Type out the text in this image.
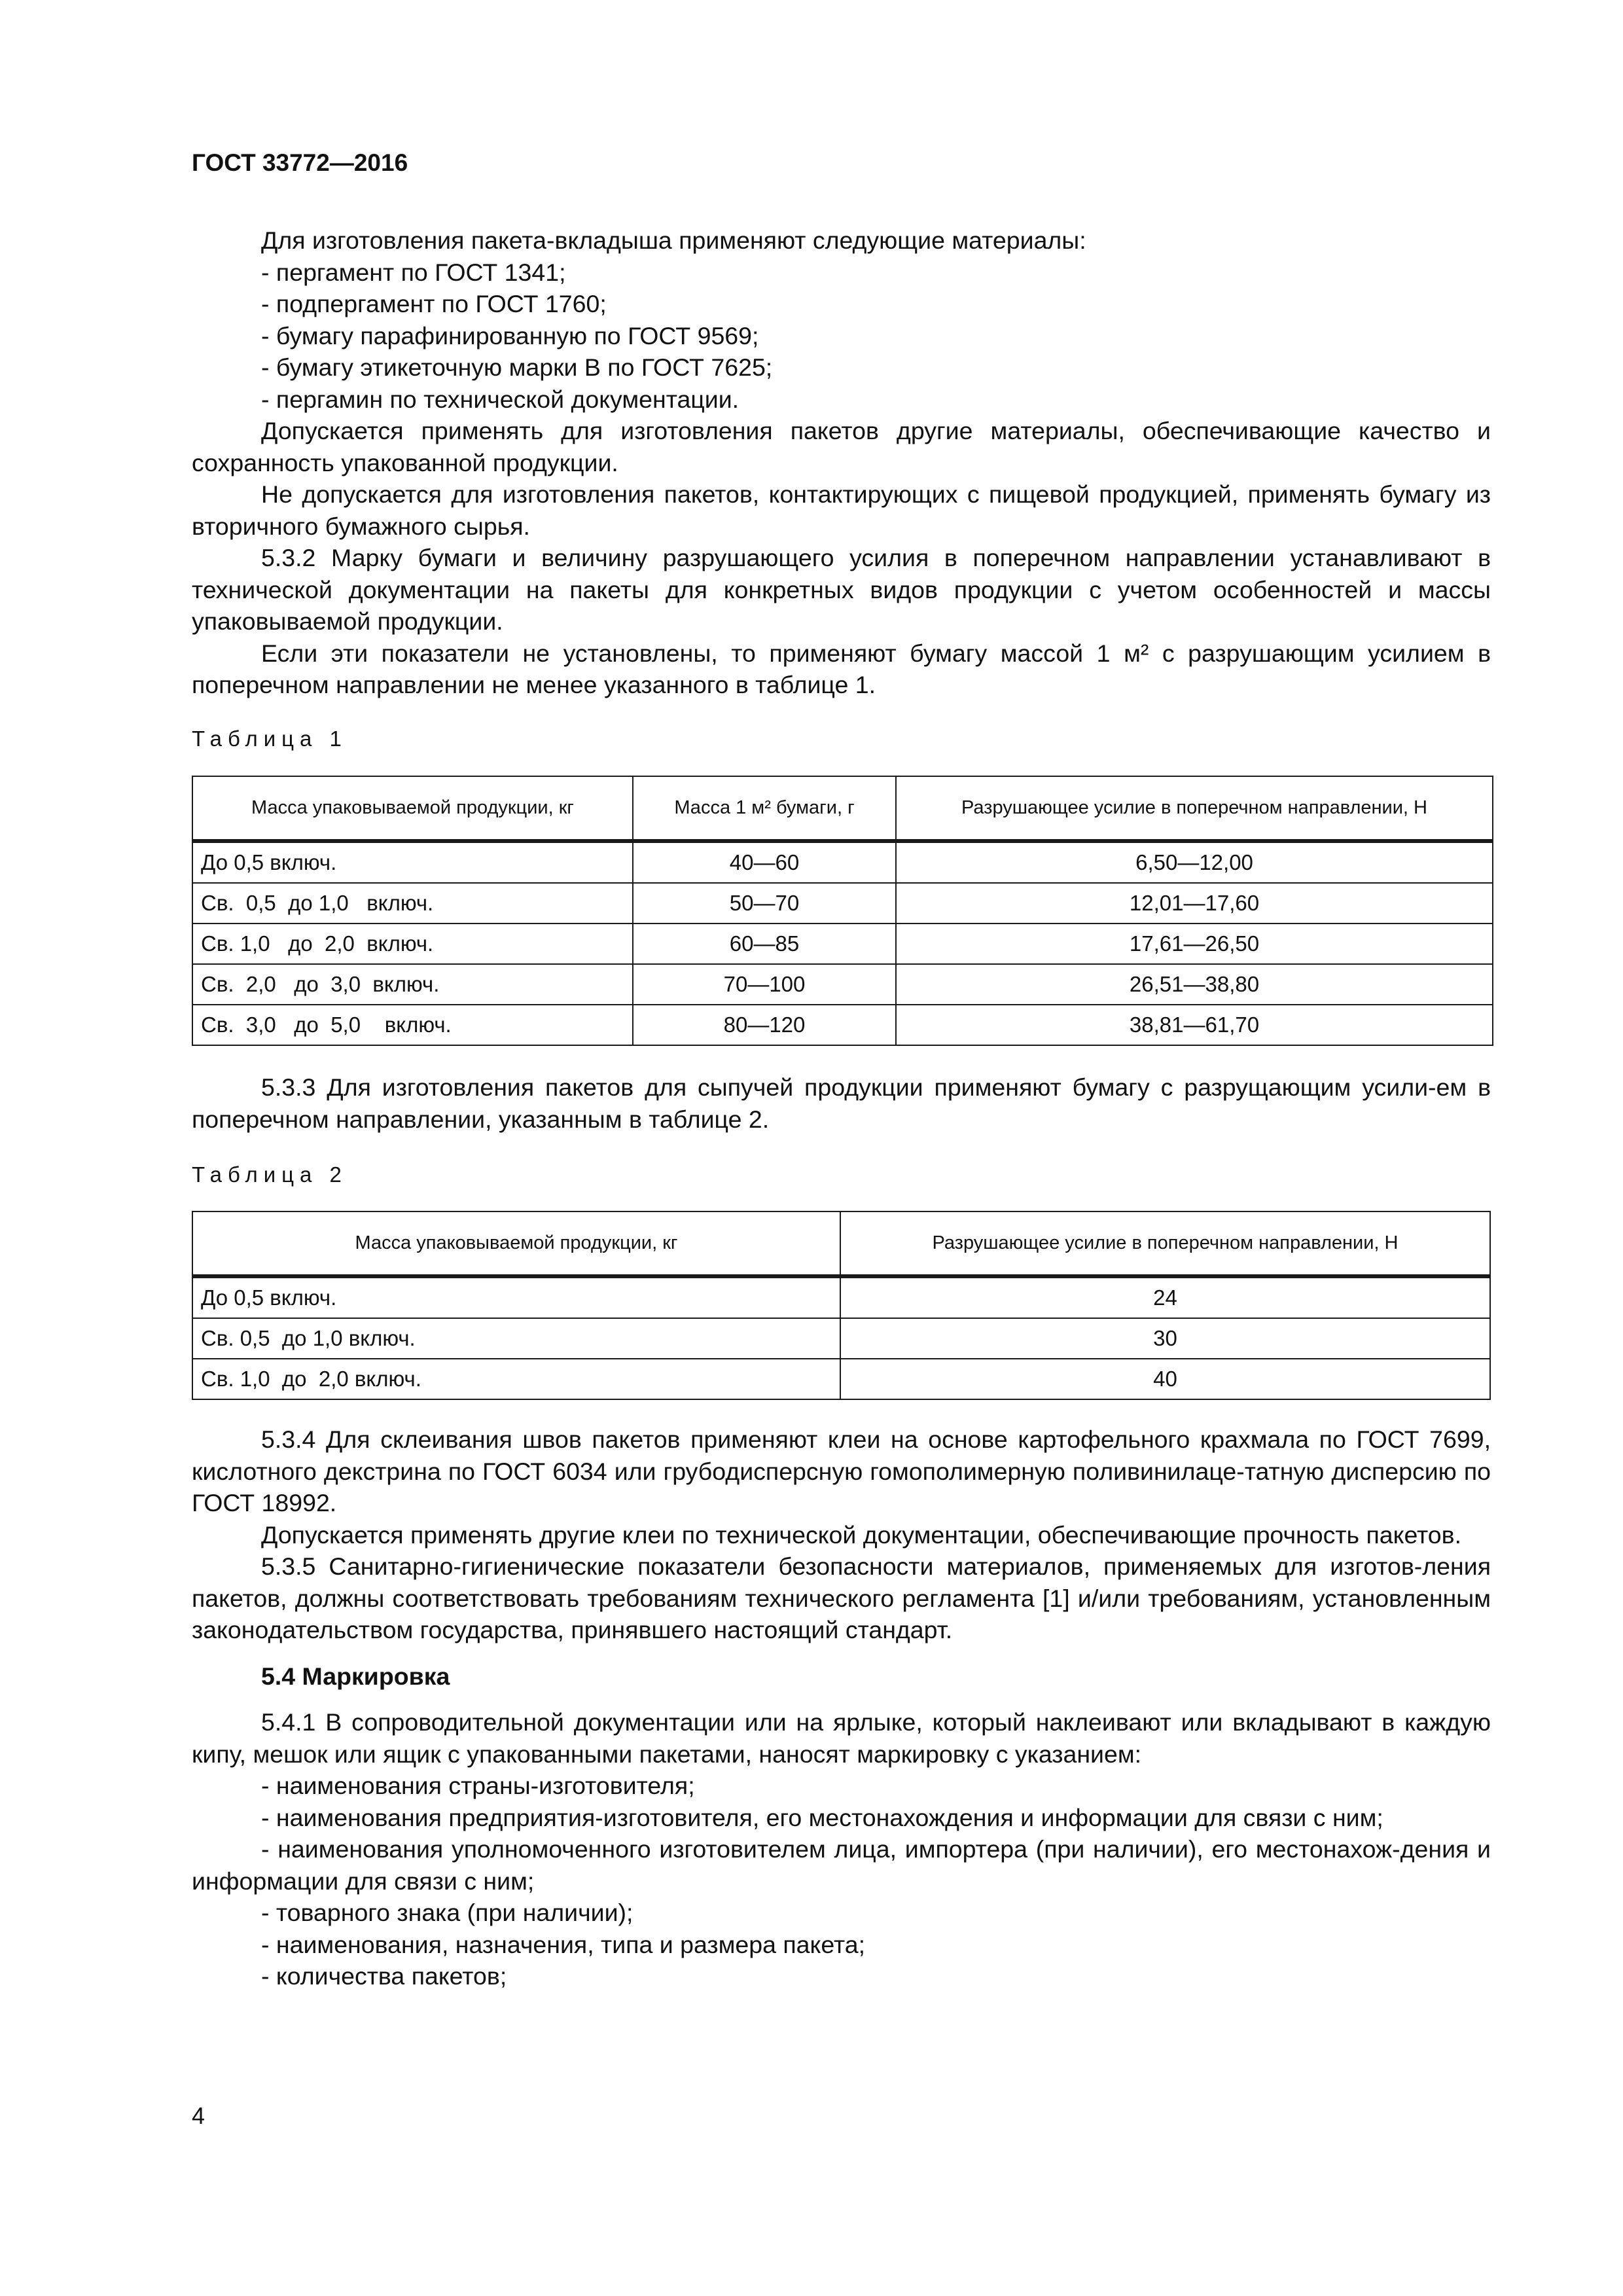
ГОСТ 33772—2016

Для изготовления пакета-вкладыша применяют следующие материалы:

- пергамент по ГОСТ 1341;
- подпергамент по ГОСТ 1760;
- бумагу парафинированную по ГОСТ 9569;
- бумагу этикеточную марки В по ГОСТ 7625;
- пергамин по технической документации.

Допускается применять для изготовления пакетов другие материалы, обеспечивающие качество и сохранность упакованной продукции.

Не допускается для изготовления пакетов, контактирующих с пищевой продукцией, применять бумагу из вторичного бумажного сырья.

5.3.2 Марку бумаги и величину разрушающего усилия в поперечном направлении устанавливают в технической документации на пакеты для конкретных видов продукции с учетом особенностей и массы упаковываемой продукции.

Если эти показатели не установлены, то применяют бумагу массой 1 м² с разрушающим усилием в поперечном направлении не менее указанного в таблице 1.

Таблица 1
Масса упаковываемой продукции, кг	Масса 1 м² бумаги, г	Разрушающее усилие в поперечном направлении, Н
До 0,5 включ.	40—60	6,50—12,00
Св.  0,5  до 1,0   включ.	50—70	12,01—17,60
Св. 1,0   до  2,0  включ.	60—85	17,61—26,50
Св.  2,0   до  3,0  включ.	70—100	26,51—38,80
Св.  3,0   до  5,0    включ.	80—120	38,81—61,70

5.3.3 Для изготовления пакетов для сыпучей продукции применяют бумагу с разрущающим усили-ем в поперечном направлении, указанным в таблице 2.

Таблица 2
Масса упаковываемой продукции, кг	Разрушающее усилие в поперечном направлении, Н
До 0,5 включ.	24
Св. 0,5  до 1,0 включ.	30
Св. 1,0  до  2,0 включ.	40

5.3.4 Для склеивания швов пакетов применяют клеи на основе картофельного крахмала по ГОСТ 7699, кислотного декстрина по ГОСТ 6034 или грубодисперсную гомополимерную поливинилаце-татную дисперсию по ГОСТ 18992.

Допускается применять другие клеи по технической документации, обеспечивающие прочность пакетов.

5.3.5 Санитарно-гигиенические показатели безопасности материалов, применяемых для изготов-ления пакетов, должны соответствовать требованиям технического регламента [1] и/или требованиям, установленным законодательством государства, принявшего настоящий стандарт.

5.4 Маркировка

5.4.1 В сопроводительной документации или на ярлыке, который наклеивают или вкладывают в каждую кипу, мешок или ящик с упакованными пакетами, наносят маркировку с указанием:

- наименования страны-изготовителя;
- наименования предприятия-изготовителя, его местонахождения и информации для связи с ним;

- наименования уполномоченного изготовителем лица, импортера (при наличии), его местонахож-дения и информации для связи с ним;

- товарного знака (при наличии);
- наименования, назначения, типа и размера пакета;
- количества пакетов;
4
